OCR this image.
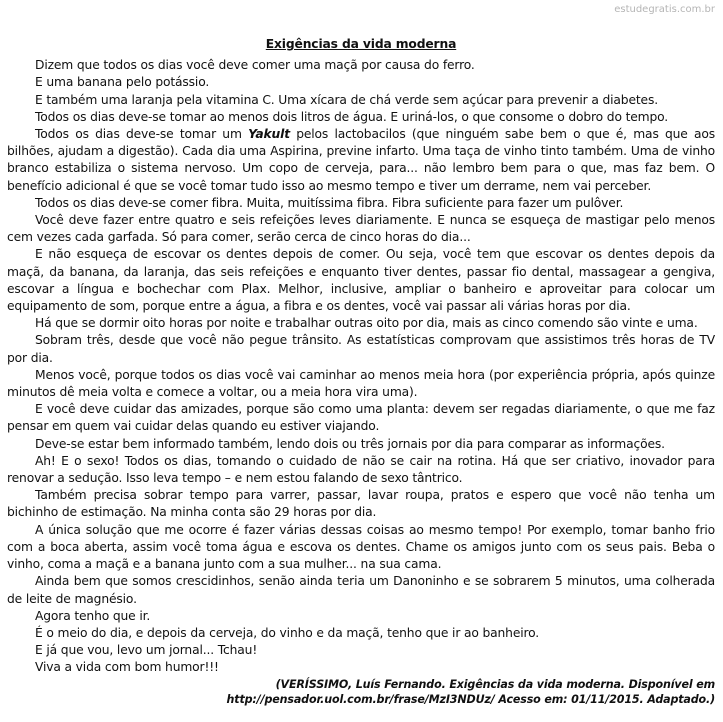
estudegratis.com.br
Exigências da vida moderna

Dizem que todos os dias você deve comer uma maçã por causa do ferro.

E uma banana pelo potássio.

E também uma laranja pela vitamina C. Uma xícara de chá verde sem açúcar para prevenir a diabetes.

Todos os dias deve-se tomar ao menos dois litros de água. E uriná-los, o que consome o dobro do tempo.

Todos os dias deve-se tomar um Yakult pelos lactobacilos (que ninguém sabe bem o que é, mas que aos bilhões, ajudam a digestão). Cada dia uma Aspirina, previne infarto. Uma taça de vinho tinto também. Uma de vinho branco estabiliza o sistema nervoso. Um copo de cerveja, para... não lembro bem para o que, mas faz bem. O benefício adicional é que se você tomar tudo isso ao mesmo tempo e tiver um derrame, nem vai perceber.

Todos os dias deve-se comer fibra. Muita, muitíssima fibra. Fibra suficiente para fazer um pulôver.

Você deve fazer entre quatro e seis refeições leves diariamente. E nunca se esqueça de mastigar pelo menos cem vezes cada garfada. Só para comer, serão cerca de cinco horas do dia...

E não esqueça de escovar os dentes depois de comer. Ou seja, você tem que escovar os dentes depois da maçã, da banana, da laranja, das seis refeições e enquanto tiver dentes, passar fio dental, massagear a gengiva, escovar a língua e bochechar com Plax. Melhor, inclusive, ampliar o banheiro e aproveitar para colocar um equipamento de som, porque entre a água, a fibra e os dentes, você vai passar ali várias horas por dia.

Há que se dormir oito horas por noite e trabalhar outras oito por dia, mais as cinco comendo são vinte e uma.

Sobram três, desde que você não pegue trânsito. As estatísticas comprovam que assistimos três horas de TV por dia.

Menos você, porque todos os dias você vai caminhar ao menos meia hora (por experiência própria, após quinze minutos dê meia volta e comece a voltar, ou a meia hora vira uma).

E você deve cuidar das amizades, porque são como uma planta: devem ser regadas diariamente, o que me faz pensar em quem vai cuidar delas quando eu estiver viajando.

Deve-se estar bem informado também, lendo dois ou três jornais por dia para comparar as informações.

Ah! E o sexo! Todos os dias, tomando o cuidado de não se cair na rotina. Há que ser criativo, inovador para renovar a sedução. Isso leva tempo – e nem estou falando de sexo tântrico.

Também precisa sobrar tempo para varrer, passar, lavar roupa, pratos e espero que você não tenha um bichinho de estimação. Na minha conta são 29 horas por dia.

A única solução que me ocorre é fazer várias dessas coisas ao mesmo tempo! Por exemplo, tomar banho frio com a boca aberta, assim você toma água e escova os dentes. Chame os amigos junto com os seus pais. Beba o vinho, coma a maçã e a banana junto com a sua mulher... na sua cama.

Ainda bem que somos crescidinhos, senão ainda teria um Danoninho e se sobrarem 5 minutos, uma colherada de leite de magnésio.

Agora tenho que ir.

É o meio do dia, e depois da cerveja, do vinho e da maçã, tenho que ir ao banheiro.

E já que vou, levo um jornal... Tchau!

Viva a vida com bom humor!!!

(VERÍSSIMO, Luís Fernando. Exigências da vida moderna. Disponível em http://pensador.uol.com.br/frase/MzI3NDUz/ Acesso em: 01/11/2015. Adaptado.)
